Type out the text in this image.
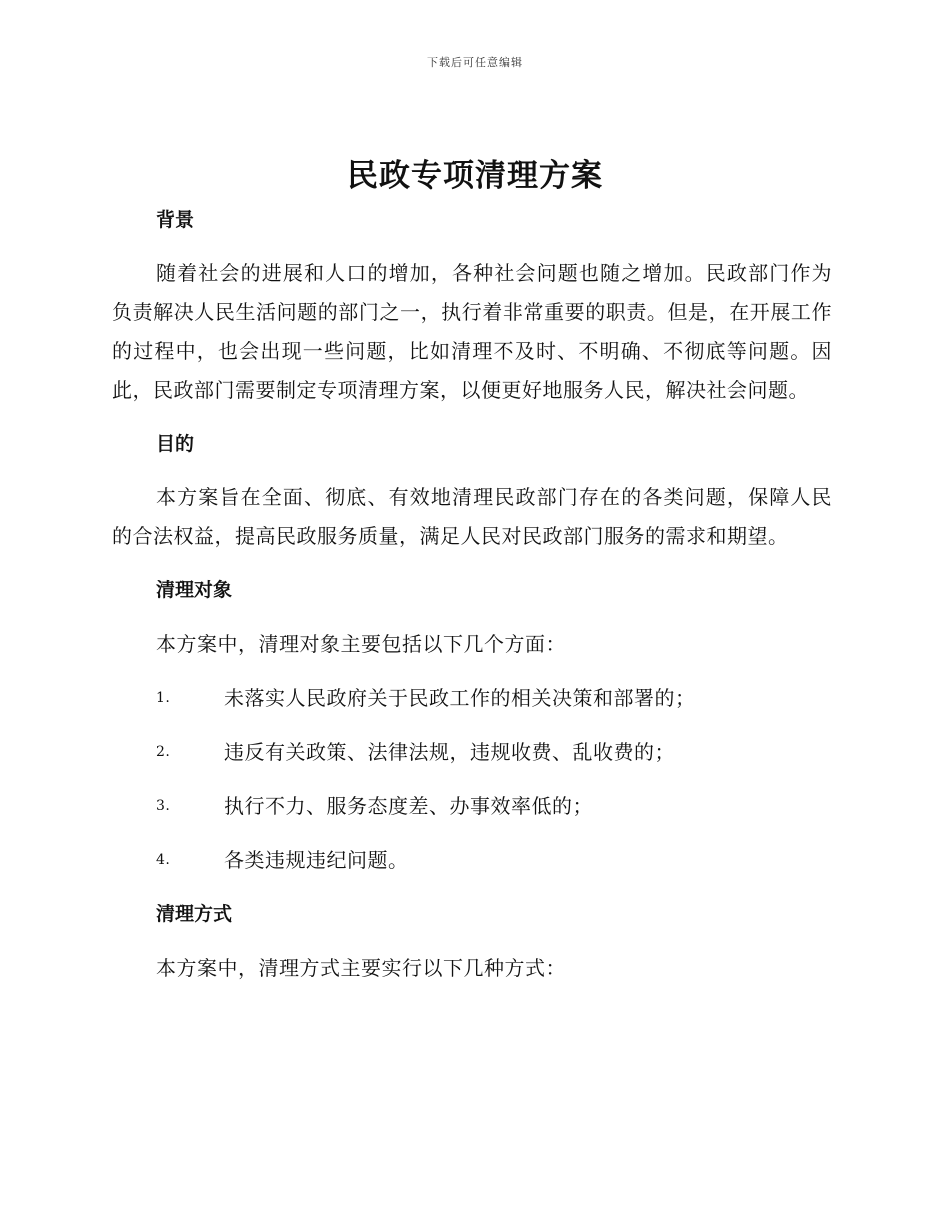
下载后可任意编辑
民政专项清理方案

背景

随着社会的进展和人口的增加，各种社会问题也随之增加。民政部门作为负责解决人民生活问题的部门之一，执行着非常重要的职责。但是，在开展工作的过程中，也会出现一些问题，比如清理不及时、不明确、不彻底等问题。因此，民政部门需要制定专项清理方案，以便更好地服务人民，解决社会问题。

目的

本方案旨在全面、彻底、有效地清理民政部门存在的各类问题，保障人民的合法权益，提高民政服务质量，满足人民对民政部门服务的需求和期望。

清理对象

本方案中，清理对象主要包括以下几个方面：

1.	未落实人民政府关于民政工作的相关决策和部署的；
2.	违反有关政策、法律法规，违规收费、乱收费的；
3.	执行不力、服务态度差、办事效率低的；
4.	各类违规违纪问题。

清理方式

本方案中，清理方式主要实行以下几种方式：
